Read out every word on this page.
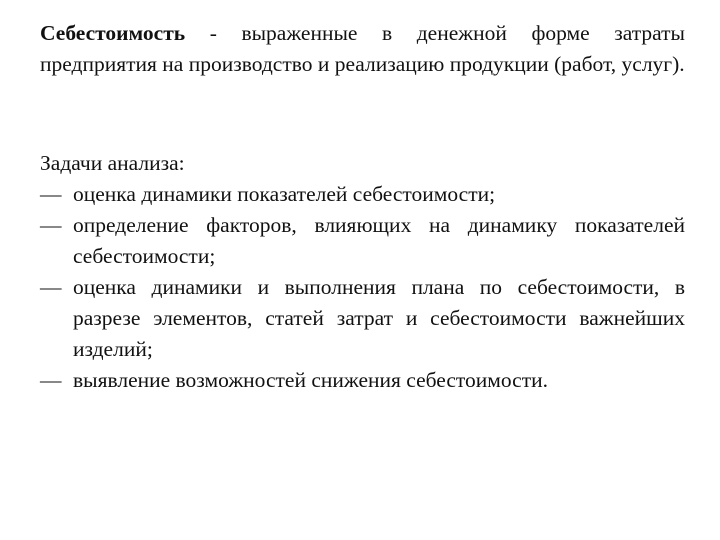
Себестоимость - выраженные в денежной форме затраты предприятия на производство и реализацию продукции (работ, услуг).

Задачи анализа:

— оценка динамики показателей себестоимости;
— определение факторов, влияющих на динамику показателей себестоимости;
— оценка динамики и выполнения плана по себестоимости, в разрезе элементов, статей затрат и себестоимости важнейших изделий;
— выявление возможностей снижения себестоимости.
